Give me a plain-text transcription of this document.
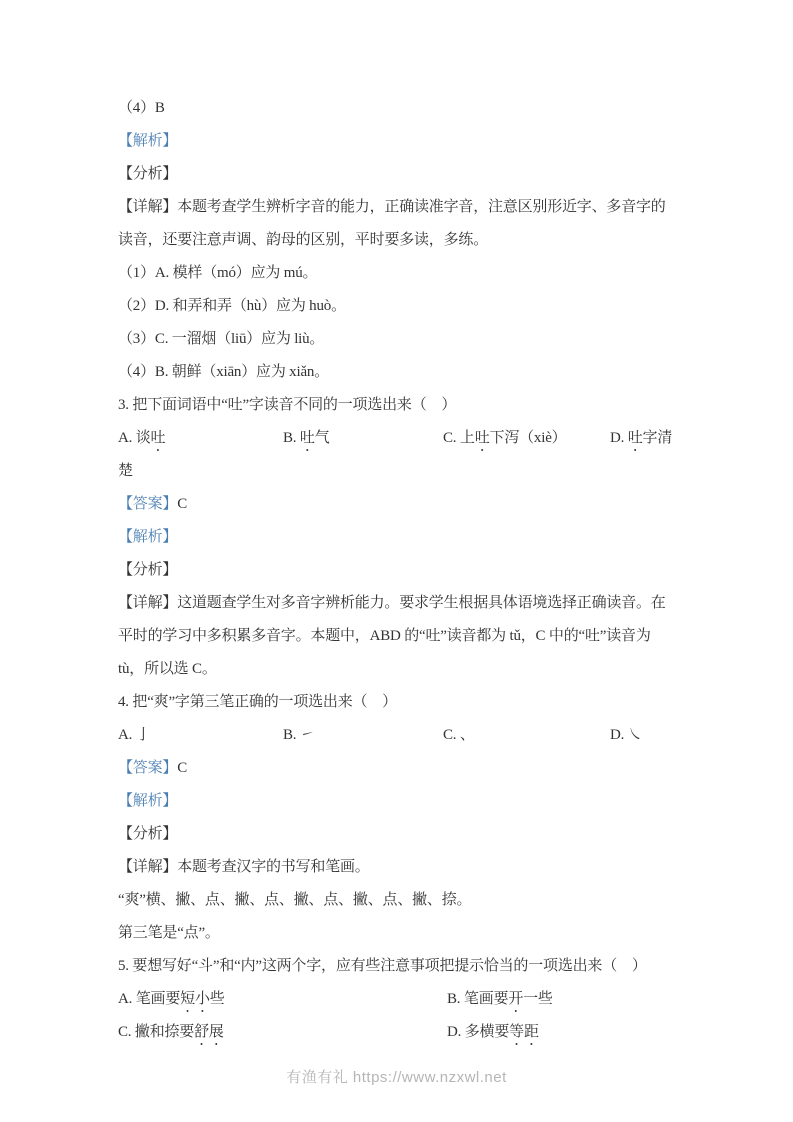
（4）B

【解析】

【分析】

【详解】本题考查学生辨析字音的能力，正确读准字音，注意区别形近字、多音字的读音，还要注意声调、韵母的区别，平时要多读，多练。

（1）A. 模样（mó）应为 mú。

（2）D. 和弄和弄（hù）应为 huò。

（3）C. 一溜烟（liū）应为 liù。

（4）B. 朝鲜（xiān）应为 xiǎn。

3. 把下面词语中“吐”字读音不同的一项选出来（　）

A. 谈吐	B. 吐气	C. 上吐下泻（xiè）	D. 吐字清

楚

【答案】C

【解析】

【分析】

【详解】这道题查学生对多音字辨析能力。要求学生根据具体语境选择正确读音。在平时的学习中多积累多音字。本题中，ABD 的“吐”读音都为 tǔ，C 中的“吐”读音为 tù，所以选 C。

4. 把“爽”字第三笔正确的一项选出来（　）

A. 亅	B. ㇀	C. 、	D. ㇏

【答案】C

【解析】

【分析】

【详解】本题考查汉字的书写和笔画。

“爽”横、撇、点、撇、点、撇、点、撇、点、撇、捺。

第三笔是“点”。

5. 要想写好“斗”和“内”这两个字，应有些注意事项把提示恰当的一项选出来（　）

A. 笔画要短小些	B. 笔画要开一些
C. 撇和捺要舒展	D. 多横要等距
有渔有礼 https://www.nzxwl.net
